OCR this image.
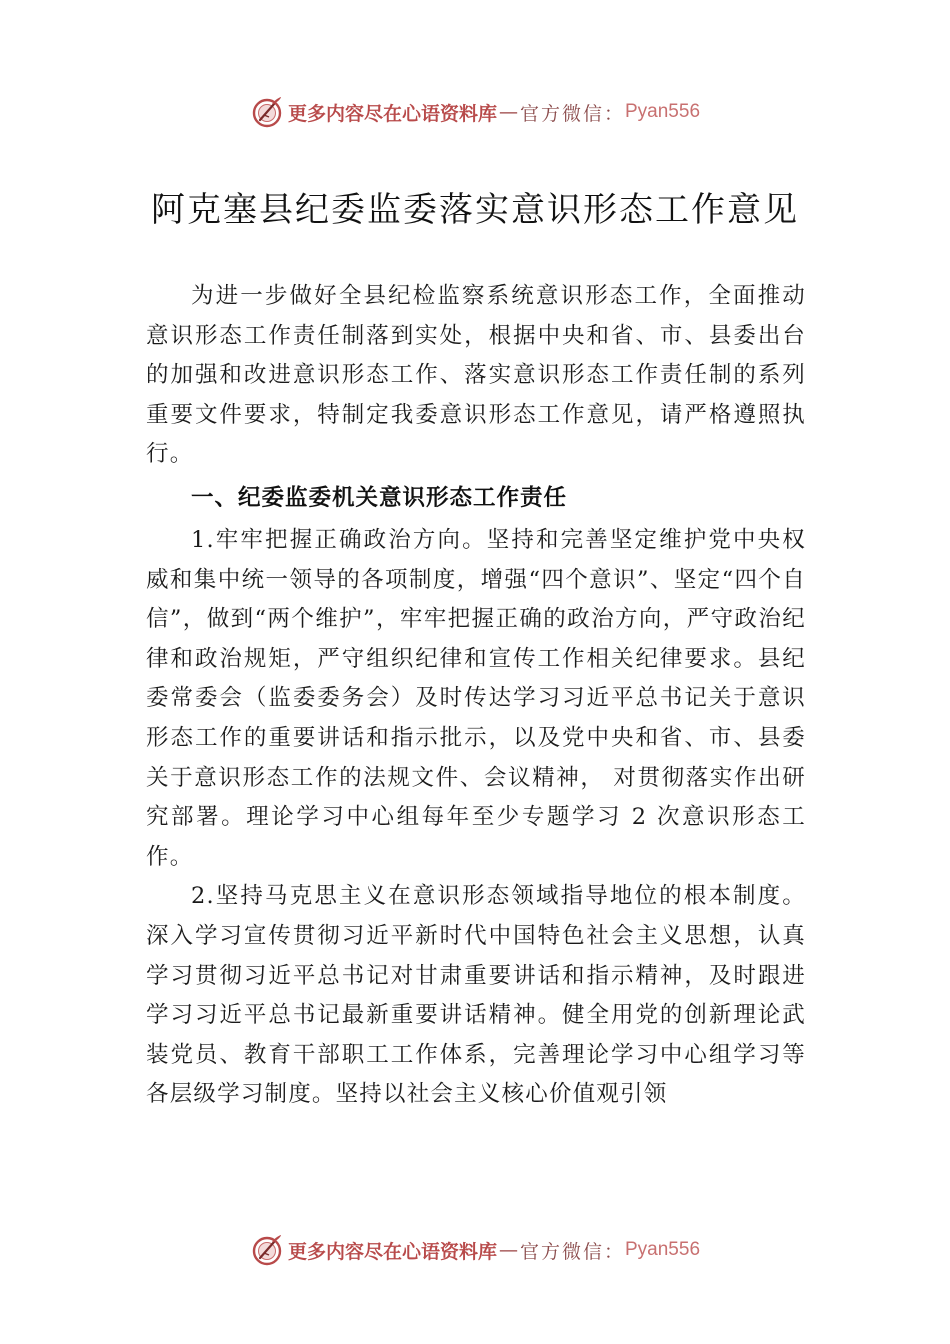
更多内容尽在心语资料库 — 官方微信： Pyan556
阿克塞县纪委监委落实意识形态工作意见

为进一步做好全县纪检监察系统意识形态工作，全面推动意识形态工作责任制落到实处，根据中央和省、市、县委出台的加强和改进意识形态工作、落实意识形态工作责任制的系列重要文件要求，特制定我委意识形态工作意见，请严格遵照执行。

一、纪委监委机关意识形态工作责任

1.牢牢把握正确政治方向。坚持和完善坚定维护党中央权威和集中统一领导的各项制度，增强“四个意识”、坚定“四个自信”，做到“两个维护”，牢牢把握正确的政治方向，严守政治纪律和政治规矩，严守组织纪律和宣传工作相关纪律要求。县纪委常委会（监委委务会）及时传达学习习近平总书记关于意识形态工作的重要讲话和指示批示，以及党中央和省、市、县委关于意识形态工作的法规文件、会议精神， 对贯彻落实作出研究部署。理论学习中心组每年至少专题学习 2 次意识形态工作。

2.坚持马克思主义在意识形态领域指导地位的根本制度。深入学习宣传贯彻习近平新时代中国特色社会主义思想，认真学习贯彻习近平总书记对甘肃重要讲话和指示精神，及时跟进学习习近平总书记最新重要讲话精神。健全用党的创新理论武装党员、教育干部职工工作体系，完善理论学习中心组学习等各层级学习制度。坚持以社会主义核心价值观引领

更多内容尽在心语资料库 — 官方微信： Pyan556
